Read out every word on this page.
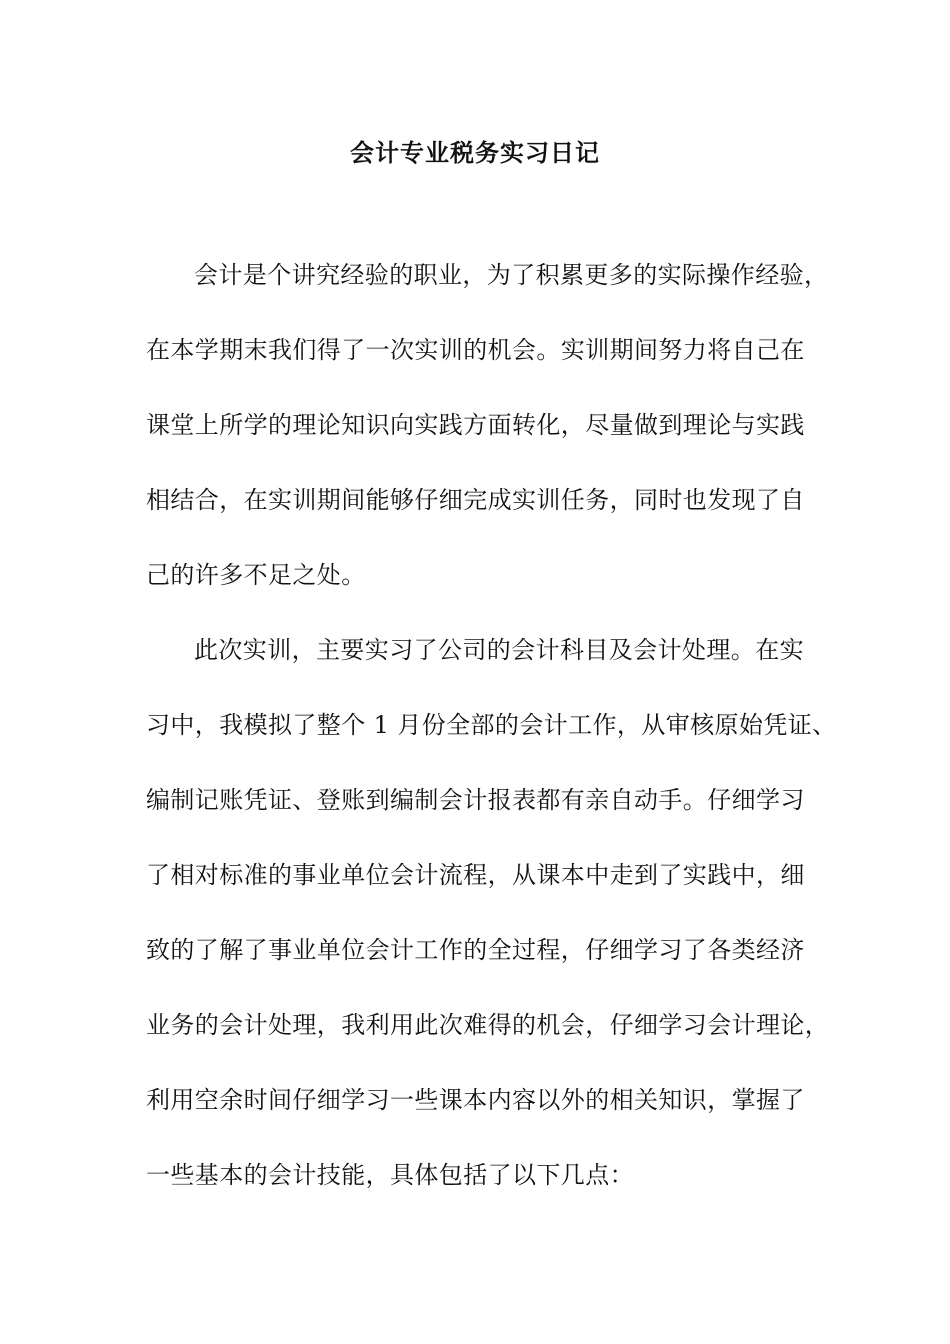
会计专业税务实习日记
会计是个讲究经验的职业，为了积累更多的实际操作经验，
在本学期末我们得了一次实训的机会。实训期间努力将自己在
课堂上所学的理论知识向实践方面转化，尽量做到理论与实践
相结合，在实训期间能够仔细完成实训任务，同时也发现了自
己的许多不足之处。
此次实训，主要实习了公司的会计科目及会计处理。在实
习中，我模拟了整个 1 月份全部的会计工作，从审核原始凭证、
编制记账凭证、登账到编制会计报表都有亲自动手。仔细学习
了相对标准的事业单位会计流程，从课本中走到了实践中，细
致的了解了事业单位会计工作的全过程，仔细学习了各类经济
业务的会计处理，我利用此次难得的机会，仔细学习会计理论，
利用空余时间仔细学习一些课本内容以外的相关知识，掌握了
一些基本的会计技能，具体包括了以下几点：
